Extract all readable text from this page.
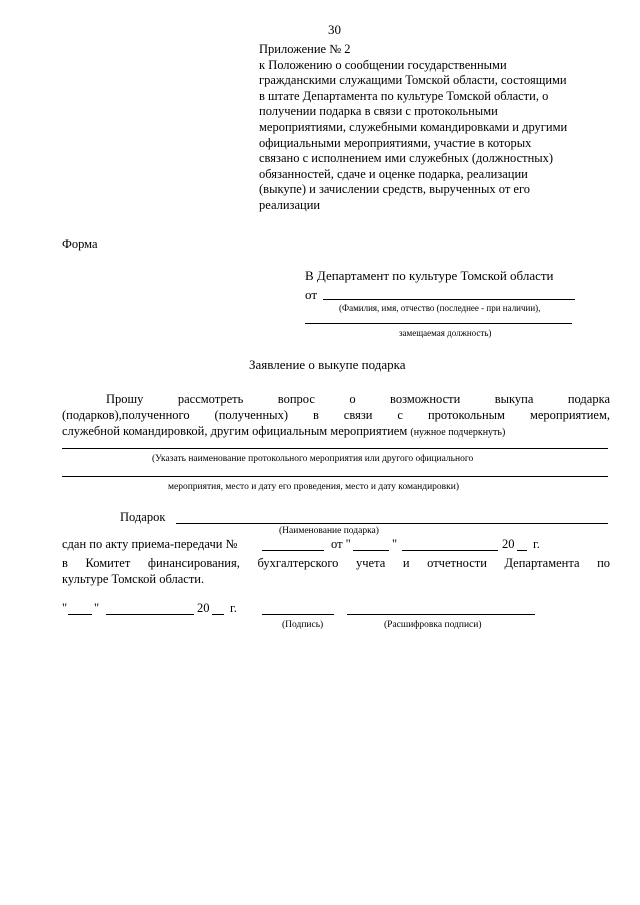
30
Приложение № 2
к Положению о сообщении государственными
гражданскими служащими Томской области, состоящими
в штате Департамента по культуре Томской области, о
получении подарка в связи с протокольными
мероприятиями, служебными командировками и другими
официальными мероприятиями, участие в которых
связано с исполнением ими служебных (должностных)
обязанностей, сдаче и оценке подарка, реализации
(выкупе) и зачислении средств, вырученных от его
реализации
Форма
В Департамент по культуре Томской области
от
(Фамилия, имя, отчество (последнее - при наличии),
замещаемая должность)
Заявление о выкупе подарка
Прошу	рассмотреть	вопрос	о	возможности	выкупа	подарка
(подарков),полученного (полученных) в связи с протокольным мероприятием,
служебной командировкой, другим официальным мероприятием (нужное подчеркнуть)
(Указать наименование протокольного мероприятия или другого официального
мероприятия, место и дату его проведения, место и дату командировки)
Подарок
(Наименование подарка)
сдан по акту приема-передачи №	от "	"	20 г.
в Комитет финансирования, бухгалтерского учета и отчетности Департамента по
культуре Томской области.
" "	20 г.
(Подпись)	(Расшифровка подписи)
